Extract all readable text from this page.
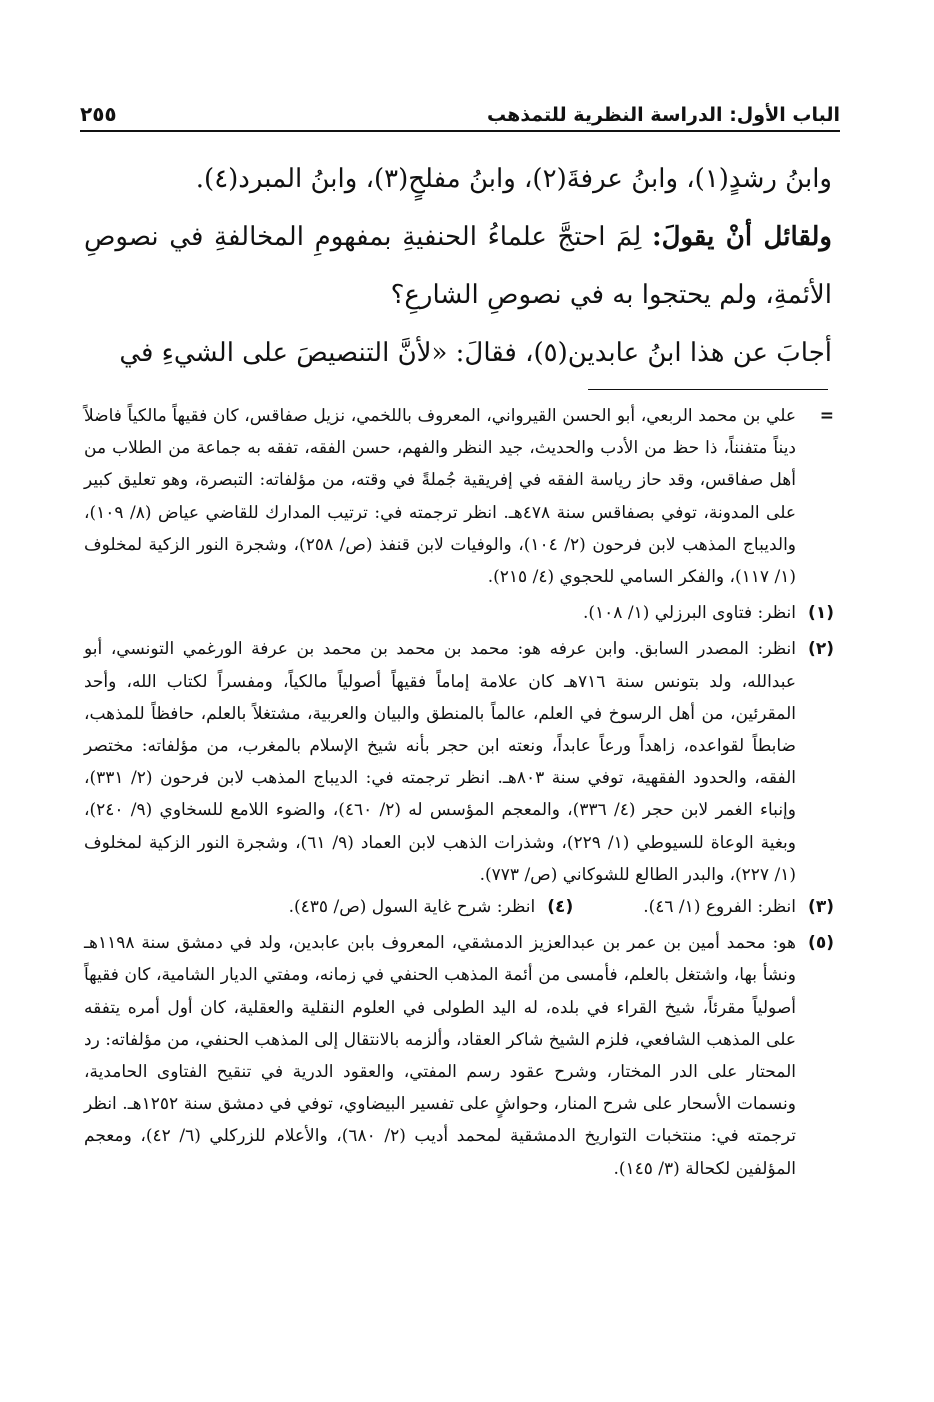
الباب الأول: الدراسة النظرية للتمذهب
٢٥٥

وابنُ رشدٍ(١)، وابنُ عرفةَ(٢)، وابنُ مفلحٍ(٣)، وابنُ المبرد(٤).

ولقائل أنْ يقولَ: لِمَ احتجَّ علماءُ الحنفيةِ بمفهومِ المخالفةِ في نصوصِ الأئمةِ، ولم يحتجوا به في نصوصِ الشارعِ؟

أجابَ عن هذا ابنُ عابدين(٥)، فقالَ: «لأنَّ التنصيصَ على الشيءِ في

=
علي بن محمد الربعي، أبو الحسن القيرواني، المعروف باللخمي، نزيل صفاقس، كان فقيهاً مالكياً فاضلاً ديناً متفنناً، ذا حظ من الأدب والحديث، جيد النظر والفهم، حسن الفقه، تفقه به جماعة من الطلاب من أهل صفاقس، وقد حاز رياسة الفقه في إفريقية جُملةً في وقته، من مؤلفاته: التبصرة، وهو تعليق كبير على المدونة، توفي بصفاقس سنة ٤٧٨هـ. انظر ترجمته في: ترتيب المدارك للقاضي عياض (٨/ ١٠٩)، والديباج المذهب لابن فرحون (٢/ ١٠٤)، والوفيات لابن قنفذ (ص/ ٢٥٨)، وشجرة النور الزكية لمخلوف (١/ ١١٧)، والفكر السامي للحجوي (٤/ ٢١٥).
(١)
انظر: فتاوى البرزلي (١/ ١٠٨).
(٢)
انظر: المصدر السابق. وابن عرفه هو: محمد بن محمد بن محمد بن عرفة الورغمي التونسي، أبو عبدالله، ولد بتونس سنة ٧١٦هـ كان علامة إماماً فقيهاً أصولياً مالكياً، ومفسراً لكتاب الله، وأحد المقرئين، من أهل الرسوخ في العلم، عالماً بالمنطق والبيان والعربية، مشتغلاً بالعلم، حافظاً للمذهب، ضابطاً لقواعده، زاهداً ورعاً عابداً، ونعته ابن حجر بأنه شيخ الإسلام بالمغرب، من مؤلفاته: مختصر الفقه، والحدود الفقهية، توفي سنة ٨٠٣هـ. انظر ترجمته في: الديباج المذهب لابن فرحون (٢/ ٣٣١)، وإنباء الغمر لابن حجر (٤/ ٣٣٦)، والمعجم المؤسس له (٢/ ٤٦٠)، والضوء اللامع للسخاوي (٩/ ٢٤٠)، وبغية الوعاة للسيوطي (١/ ٢٢٩)، وشذرات الذهب لابن العماد (٩/ ٦١)، وشجرة النور الزكية لمخلوف (١/ ٢٢٧)، والبدر الطالع للشوكاني (ص/ ٧٧٣).
(٣)
انظر: الفروع (١/ ٤٦).
(٤)
انظر: شرح غاية السول (ص/ ٤٣٥).
(٥)
هو: محمد أمين بن عمر بن عبدالعزيز الدمشقي، المعروف بابن عابدين، ولد في دمشق سنة ١١٩٨هـ ونشأ بها، واشتغل بالعلم، فأمسى من أئمة المذهب الحنفي في زمانه، ومفتي الديار الشامية، كان فقيهاً أصولياً مقرئاً، شيخ القراء في بلده، له اليد الطولى في العلوم النقلية والعقلية، كان أول أمره يتفقه على المذهب الشافعي، فلزم الشيخ شاكر العقاد، وألزمه بالانتقال إلى المذهب الحنفي، من مؤلفاته: رد المحتار على الدر المختار، وشرح عقود رسم المفتي، والعقود الدرية في تنقيح الفتاوى الحامدية، ونسمات الأسحار على شرح المنار، وحواشٍ على تفسير البيضاوي، توفي في دمشق سنة ١٢٥٢هـ. انظر ترجمته في: منتخبات التواريخ الدمشقية لمحمد أديب (٢/ ٦٨٠)، والأعلام للزركلي (٦/ ٤٢)، ومعجم المؤلفين لكحالة (٣/ ١٤٥).
